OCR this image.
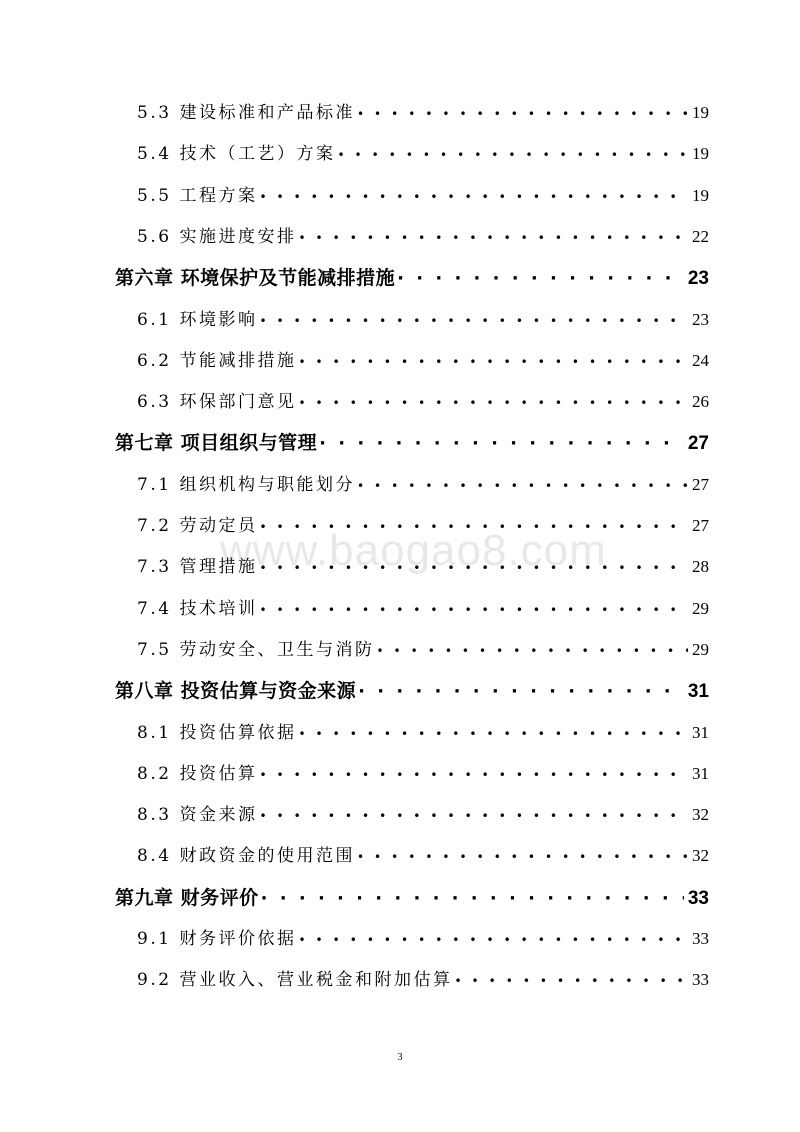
www.baogao8.com
5.3 建设标准和产品标准 • • •	19
5.4 技术（工艺）方案 • • •	19
5.5 工程方案 • • •	19
5.6 实施进度安排 • • •	22
第六章 环境保护及节能减排措施 · · ·	23
6.1 环境影响 • • •	23
6.2 节能减排措施 • • •	24
6.3 环保部门意见 • • •	26
第七章 项目组织与管理 · · ·	27
7.1 组织机构与职能划分 • • •	27
7.2 劳动定员 • • •	27
7.3 管理措施 • • •	28
7.4 技术培训 • • •	29
7.5 劳动安全、卫生与消防 • • •	29
第八章 投资估算与资金来源 · · ·	31
8.1 投资估算依据 • • •	31
8.2 投资估算 • • •	31
8.3 资金来源 • • •	32
8.4 财政资金的使用范围 • • •	32
第九章 财务评价 · · ·	33
9.1 财务评价依据 • • •	33
9.2 营业收入、营业税金和附加估算 • • •	33
3
